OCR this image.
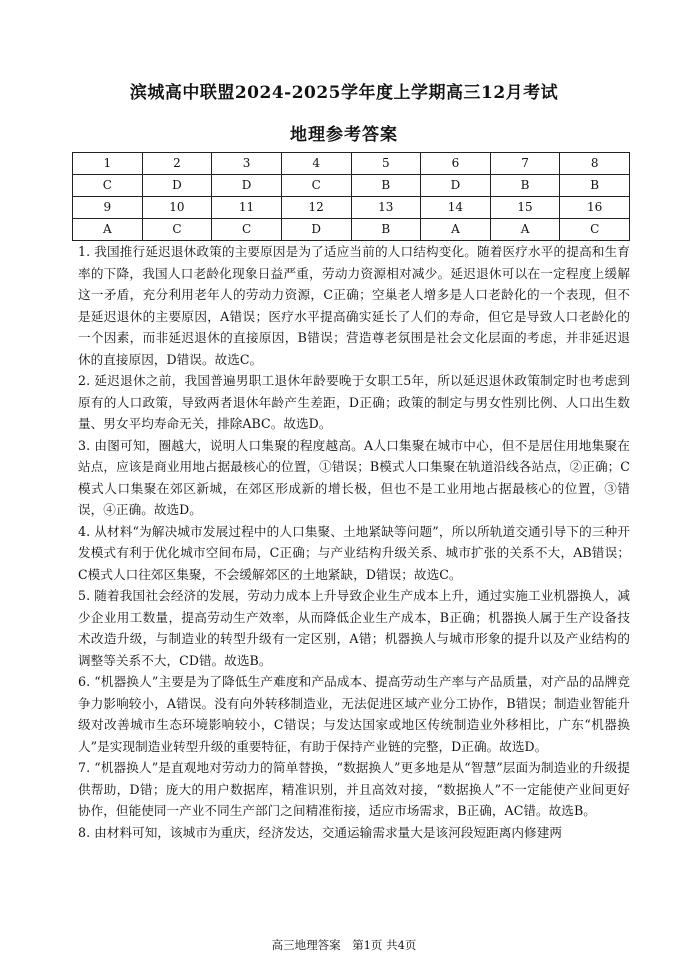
滨城高中联盟2024-2025学年度上学期高三12月考试
地理参考答案
1	2	3	4	5	6	7	8
C	D	D	C	B	D	B	B
9	10	11	12	13	14	15	16
A	C	C	D	B	A	A	C

1. 我国推行延迟退休政策的主要原因是为了适应当前的人口结构变化。随着医疗水平的提高和生育率的下降，我国人口老龄化现象日益严重，劳动力资源相对减少。延迟退休可以在一定程度上缓解这一矛盾，充分利用老年人的劳动力资源，C正确；空巢老人增多是人口老龄化的一个表现，但不是延迟退休的主要原因，A错误；医疗水平提高确实延长了人们的寿命，但它是导致人口老龄化的一个因素，而非延迟退休的直接原因，B错误；营造尊老氛围是社会文化层面的考虑，并非延迟退休的直接原因，D错误。故选C。

2. 延迟退休之前，我国普遍男职工退休年龄要晚于女职工5年，所以延迟退休政策制定时也考虑到原有的人口政策，导致两者退休年龄产生差距，D正确；政策的制定与男女性别比例、人口出生数量、男女平均寿命无关，排除ABC。故选D。

3. 由图可知，圈越大，说明人口集聚的程度越高。A人口集聚在城市中心，但不是居住用地集聚在站点，应该是商业用地占据最核心的位置，①错误；B模式人口集聚在轨道沿线各站点，②正确；C模式人口集聚在郊区新城，在郊区形成新的增长极，但也不是工业用地占据最核心的位置，③错误，④正确。故选D。

4. 从材料“为解决城市发展过程中的人口集聚、土地紧缺等问题”，所以所轨道交通引导下的三种开发模式有利于优化城市空间布局，C正确；与产业结构升级关系、城市扩张的关系不大，AB错误；C模式人口往郊区集聚，不会缓解郊区的土地紧缺，D错误；故选C。

5. 随着我国社会经济的发展，劳动力成本上升导致企业生产成本上升，通过实施工业机器换人，减少企业用工数量，提高劳动生产效率，从而降低企业生产成本，B正确；机器换人属于生产设备技术改造升级，与制造业的转型升级有一定区别，A错；机器换人与城市形象的提升以及产业结构的调整等关系不大，CD错。故选B。

6. “机器换人”主要是为了降低生产难度和产品成本、提高劳动生产率与产品质量，对产品的品牌竞争力影响较小，A错误。没有向外转移制造业，无法促进区域产业分工协作，B错误；制造业智能升级对改善城市生态环境影响较小，C错误；与发达国家或地区传统制造业外移相比，广东“机器换人”是实现制造业转型升级的重要特征，有助于保持产业链的完整，D正确。故选D。

7. “机器换人”是直观地对劳动力的简单替换，“数据换人”更多地是从“智慧”层面为制造业的升级提供帮助，D错；庞大的用户数据库，精准识别，并且高效对接，“数据换人”不一定能使产业间更好协作，但能使同一产业不同生产部门之间精准衔接，适应市场需求，B正确，AC错。故选B。

8. 由材料可知，该城市为重庆，经济发达，交通运输需求量大是该河段短距离内修建两

高三地理答案　第1页 共4页
